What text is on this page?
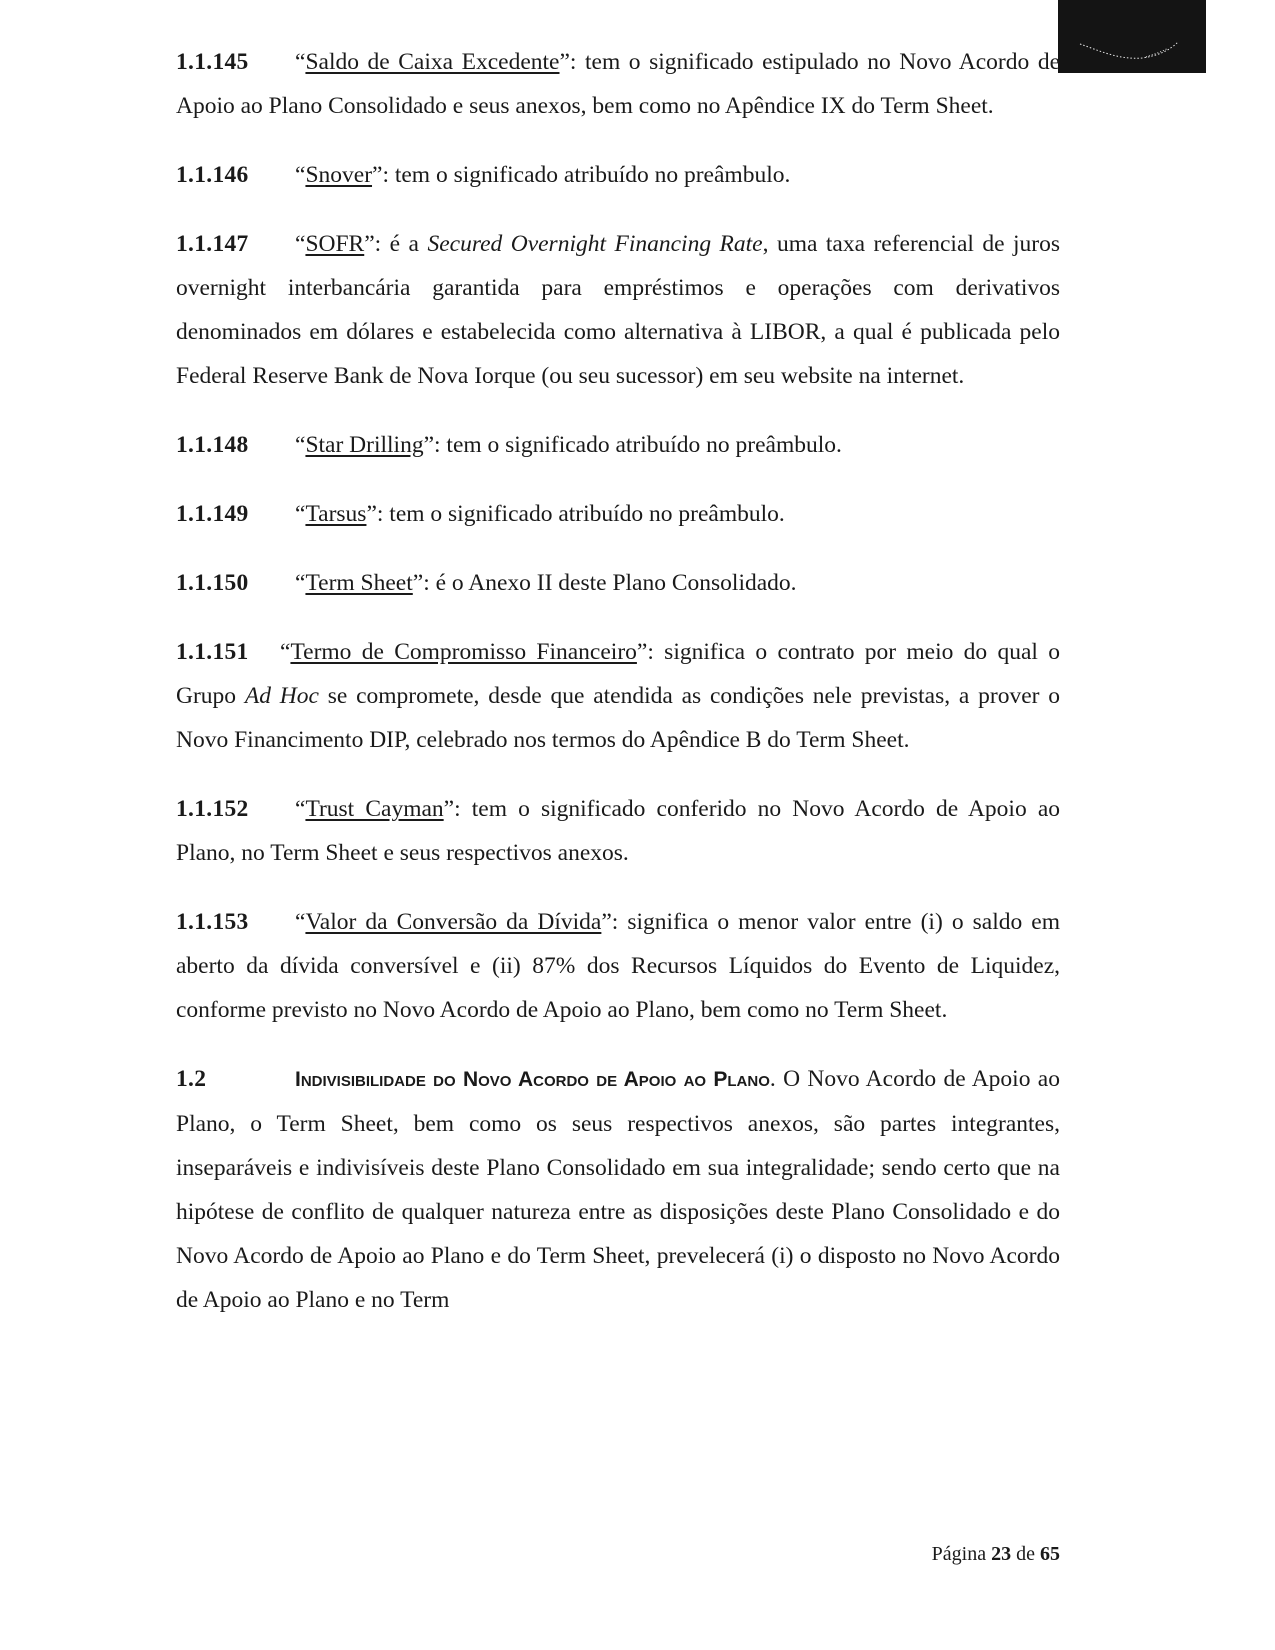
1.1.145 “Saldo de Caixa Excedente”: tem o significado estipulado no Novo Acordo de Apoio ao Plano Consolidado e seus anexos, bem como no Apêndice IX do Term Sheet.

1.1.146 “Snover”: tem o significado atribuído no preâmbulo.

1.1.147 “SOFR”: é a Secured Overnight Financing Rate, uma taxa referencial de juros overnight interbancária garantida para empréstimos e operações com derivativos denominados em dólares e estabelecida como alternativa à LIBOR, a qual é publicada pelo Federal Reserve Bank de Nova Iorque (ou seu sucessor) em seu website na internet.

1.1.148 “Star Drilling”: tem o significado atribuído no preâmbulo.

1.1.149 “Tarsus”: tem o significado atribuído no preâmbulo.

1.1.150 “Term Sheet”: é o Anexo II deste Plano Consolidado.

1.1.151 “Termo de Compromisso Financeiro”: significa o contrato por meio do qual o Grupo Ad Hoc se compromete, desde que atendida as condições nele previstas, a prover o Novo Financimento DIP, celebrado nos termos do Apêndice B do Term Sheet.

1.1.152 “Trust Cayman”: tem o significado conferido no Novo Acordo de Apoio ao Plano, no Term Sheet e seus respectivos anexos.

1.1.153 “Valor da Conversão da Dívida”: significa o menor valor entre (i) o saldo em aberto da dívida conversível e (ii) 87% dos Recursos Líquidos do Evento de Liquidez, conforme previsto no Novo Acordo de Apoio ao Plano, bem como no Term Sheet.

1.2	Indivisibilidade do Novo Acordo de Apoio ao Plano. O Novo Acordo de Apoio ao Plano, o Term Sheet, bem como os seus respectivos anexos, são partes integrantes, inseparáveis e indivisíveis deste Plano Consolidado em sua integralidade; sendo certo que na hipótese de conflito de qualquer natureza entre as disposições deste Plano Consolidado e do Novo Acordo de Apoio ao Plano e do Term Sheet, prevelecerá (i) o disposto no Novo Acordo de Apoio ao Plano e no Term

Página 23 de 65
